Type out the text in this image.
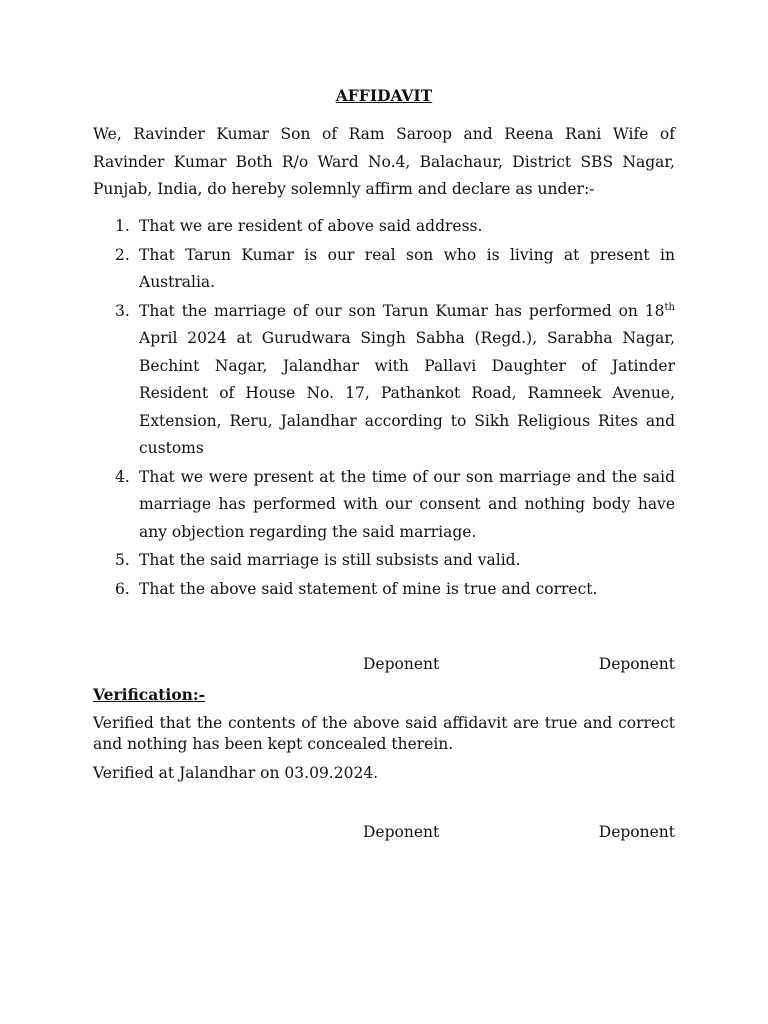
AFFIDAVIT

We, Ravinder Kumar Son of Ram Saroop and Reena Rani Wife of Ravinder Kumar Both R/o Ward No.4, Balachaur, District SBS Nagar, Punjab, India, do hereby solemnly affirm and declare as under:-

1. That we are resident of above said address.
2. That Tarun Kumar is our real son who is living at present in Australia.
3. That the marriage of our son Tarun Kumar has performed on 18th April 2024 at Gurudwara Singh Sabha (Regd.), Sarabha Nagar, Bechint Nagar, Jalandhar with Pallavi Daughter of Jatinder Resident of House No. 17, Pathankot Road, Ramneek Avenue, Extension, Reru, Jalandhar according to Sikh Religious Rites and customs
4. That we were present at the time of our son marriage and the said marriage has performed with our consent and nothing body have any objection regarding the said marriage.
5. That the said marriage is still subsists and valid.
6. That the above said statement of mine is true and correct.
Deponent	Deponent
Verification:-

Verified that the contents of the above said affidavit are true and correct and nothing has been kept concealed therein.

Verified at Jalandhar on 03.09.2024.
Deponent	Deponent
